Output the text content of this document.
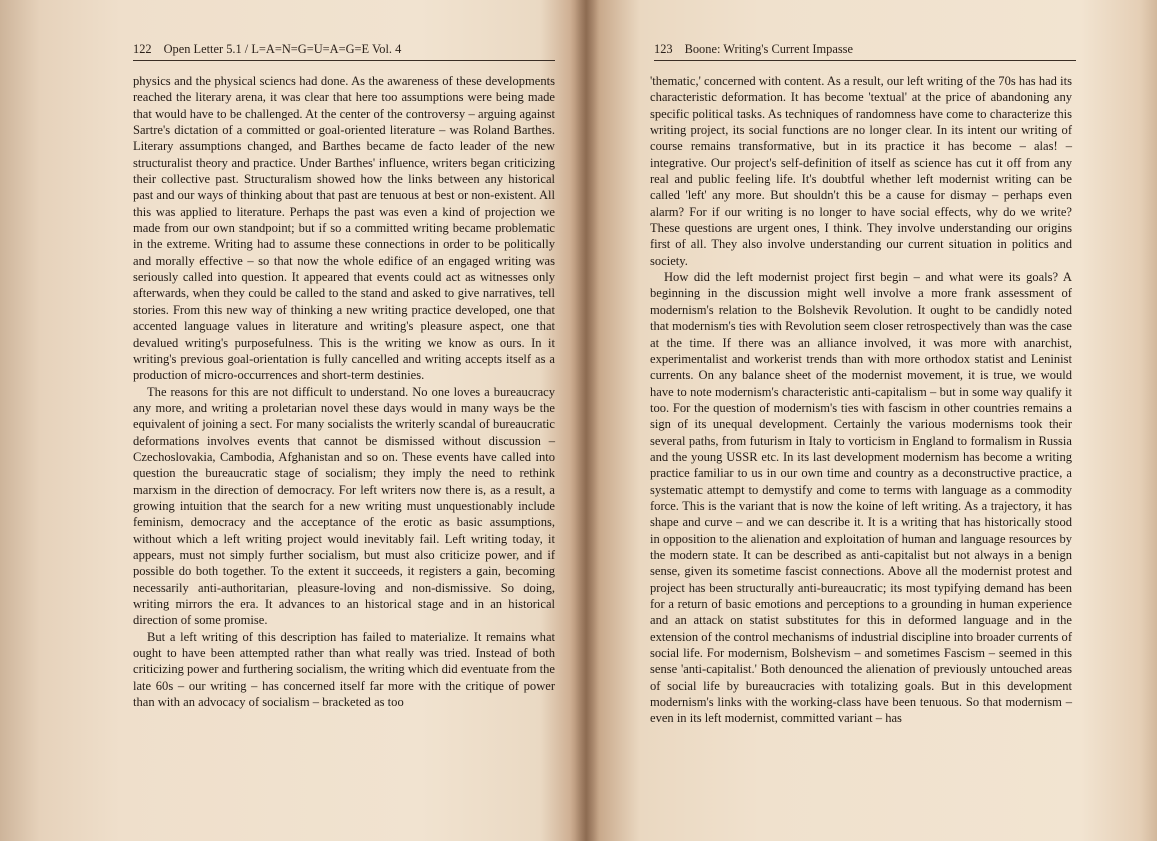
122 Open Letter 5.1 / L=A=N=G=U=A=G=E Vol. 4

physics and the physical sciencs had done. As the awareness of these developments reached the literary arena, it was clear that here too assumptions were being made that would have to be challenged. At the center of the controversy – arguing against Sartre's dictation of a committed or goal-oriented literature – was Roland Barthes. Literary assumptions changed, and Barthes became de facto leader of the new structuralist theory and practice. Under Barthes' influence, writers began criticizing their collective past. Structuralism showed how the links between any historical past and our ways of thinking about that past are tenuous at best or non-existent. All this was applied to literature. Perhaps the past was even a kind of projection we made from our own standpoint; but if so a committed writing became problematic in the extreme. Writing had to assume these connections in order to be politically and morally effective – so that now the whole edifice of an engaged writing was seriously called into question. It appeared that events could act as witnesses only afterwards, when they could be called to the stand and asked to give narratives, tell stories. From this new way of thinking a new writing practice developed, one that accented language values in literature and writing's pleasure aspect, one that devalued writing's purposefulness. This is the writing we know as ours. In it writing's previous goal-orientation is fully cancelled and writing accepts itself as a production of micro-occurrences and short-term destinies.

The reasons for this are not difficult to understand. No one loves a bureaucracy any more, and writing a proletarian novel these days would in many ways be the equivalent of joining a sect. For many socialists the writerly scandal of bureaucratic deformations involves events that cannot be dismissed without discussion – Czechoslovakia, Cambodia, Afghanistan and so on. These events have called into question the bureaucratic stage of socialism; they imply the need to rethink marxism in the direction of democracy. For left writers now there is, as a result, a growing intuition that the search for a new writing must unquestionably include feminism, democracy and the acceptance of the erotic as basic assumptions, without which a left writing project would inevitably fail. Left writing today, it appears, must not simply further socialism, but must also criticize power, and if possible do both together. To the extent it succeeds, it registers a gain, becoming necessarily anti-authoritarian, pleasure-loving and non-dismissive. So doing, writing mirrors the era. It advances to an historical stage and in an historical direction of some promise.

But a left writing of this description has failed to materialize. It remains what ought to have been attempted rather than what really was tried. Instead of both criticizing power and furthering socialism, the writing which did eventuate from the late 60s – our writing – has concerned itself far more with the critique of power than with an advocacy of socialism – bracketed as too

123 Boone: Writing's Current Impasse

'thematic,' concerned with content. As a result, our left writing of the 70s has had its characteristic deformation. It has become 'textual' at the price of abandoning any specific political tasks. As techniques of randomness have come to characterize this writing project, its social functions are no longer clear. In its intent our writing of course remains transformative, but in its practice it has become – alas! – integrative. Our project's self-definition of itself as science has cut it off from any real and public feeling life. It's doubtful whether left modernist writing can be called 'left' any more. But shouldn't this be a cause for dismay – perhaps even alarm? For if our writing is no longer to have social effects, why do we write? These questions are urgent ones, I think. They involve understanding our origins first of all. They also involve understanding our current situation in politics and society.

How did the left modernist project first begin – and what were its goals? A beginning in the discussion might well involve a more frank assessment of modernism's relation to the Bolshevik Revolution. It ought to be candidly noted that modernism's ties with Revolution seem closer retrospectively than was the case at the time. If there was an alliance involved, it was more with anarchist, experimentalist and workerist trends than with more orthodox statist and Leninist currents. On any balance sheet of the modernist movement, it is true, we would have to note modernism's characteristic anti-capitalism – but in some way qualify it too. For the question of modernism's ties with fascism in other countries remains a sign of its unequal development. Certainly the various modernisms took their several paths, from futurism in Italy to vorticism in England to formalism in Russia and the young USSR etc. In its last development modernism has become a writing practice familiar to us in our own time and country as a deconstructive practice, a systematic attempt to demystify and come to terms with language as a commodity force. This is the variant that is now the koine of left writing. As a trajectory, it has shape and curve – and we can describe it. It is a writing that has historically stood in opposition to the alienation and exploitation of human and language resources by the modern state. It can be described as anti-capitalist but not always in a benign sense, given its sometime fascist connections. Above all the modernist protest and project has been structurally anti-bureaucratic; its most typifying demand has been for a return of basic emotions and perceptions to a grounding in human experience and an attack on statist substitutes for this in deformed language and in the extension of the control mechanisms of industrial discipline into broader currents of social life. For modernism, Bolshevism – and sometimes Fascism – seemed in this sense 'anti-capitalist.' Both denounced the alienation of previously untouched areas of social life by bureaucracies with totalizing goals. But in this development modernism's links with the working-class have been tenuous. So that modernism – even in its left modernist, committed variant – has
